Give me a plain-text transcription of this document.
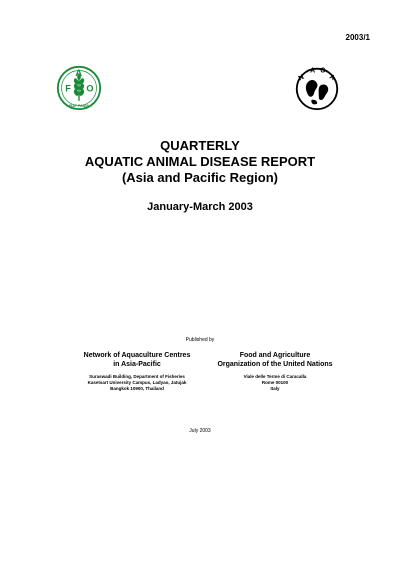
2003/1
F
A
O
FIAT PANIS
N
A C
A
QUARTERLY
AQUATIC ANIMAL DISEASE REPORT
(Asia and Pacific Region)
January-March 2003
Published by
Network of Aquaculture Centres
in Asia-Pacific
Suraswadi Building, Department of Fisheries
Kasetsart University Campus, Ladyao, Jatujak
Bangkok 10900, Thailand
Food and Agriculture
Organization of the United Nations
Viale delle Terme di Caracalla
Rome 00100
Italy
July 2003
